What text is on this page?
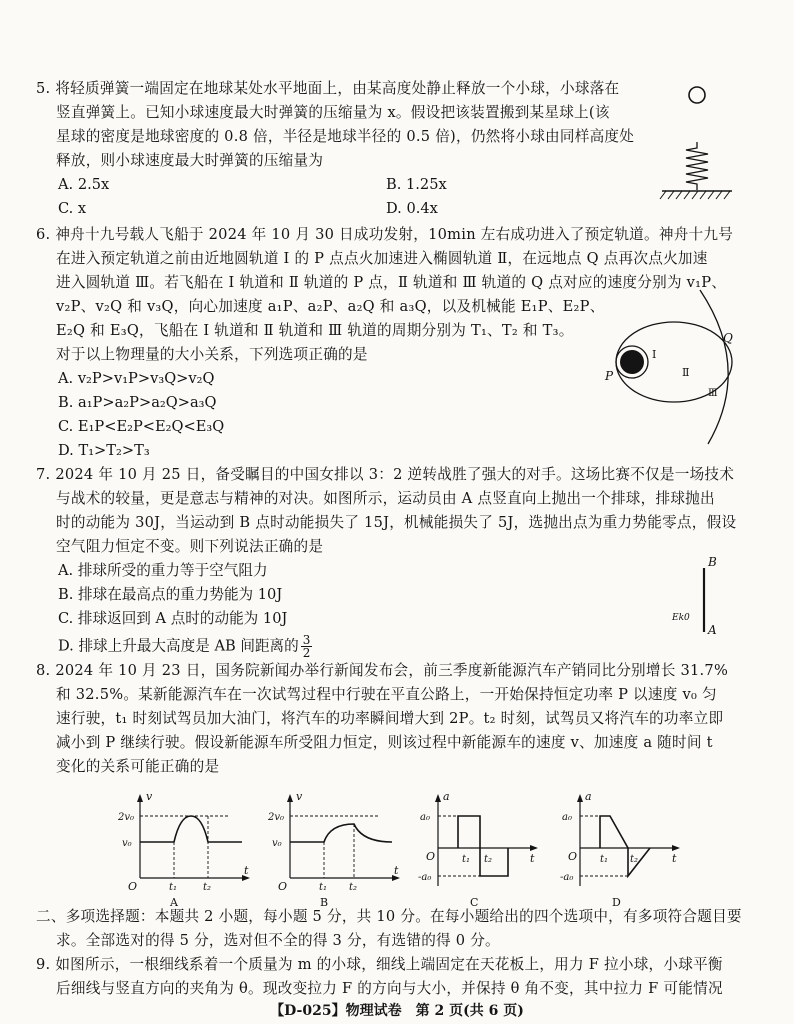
5. 将轻质弹簧一端固定在地球某处水平地面上，由某高度处静止释放一个小球，小球落在
竖直弹簧上。已知小球速度最大时弹簧的压缩量为 x。假设把该装置搬到某星球上(该
星球的密度是地球密度的 0.8 倍，半径是地球半径的 0.5 倍)，仍然将小球由同样高度处
释放，则小球速度最大时弹簧的压缩量为
A. 2.5x	B. 1.25x
C. x	D. 0.4x
6. 神舟十九号载人飞船于 2024 年 10 月 30 日成功发射，10min 左右成功进入了预定轨道。神舟十九号
在进入预定轨道之前由近地圆轨道 Ⅰ 的 P 点点火加速进入椭圆轨道 Ⅱ，在远地点 Q 点再次点火加速
进入圆轨道 Ⅲ。若飞船在 Ⅰ 轨道和 Ⅱ 轨道的 P 点，Ⅱ 轨道和 Ⅲ 轨道的 Q 点对应的速度分别为 v₁P、
v₂P、v₂Q 和 v₃Q，向心加速度 a₁P、a₂P、a₂Q 和 a₃Q，以及机械能 E₁P、E₂P、
E₂Q 和 E₃Q，飞船在 Ⅰ 轨道和 Ⅱ 轨道和 Ⅲ 轨道的周期分别为 T₁、T₂ 和 T₃。
对于以上物理量的大小关系，下列选项正确的是
A. v₂P>v₁P>v₃Q>v₂Q
B. a₁P>a₂P>a₂Q>a₃Q
C. E₁P<E₂P<E₂Q<E₃Q
D. T₁>T₂>T₃
P
Q
Ⅰ
Ⅱ
Ⅲ
7. 2024 年 10 月 25 日，备受瞩目的中国女排以 3：2 逆转战胜了强大的对手。这场比赛不仅是一场技术
与战术的较量，更是意志与精神的对决。如图所示，运动员由 A 点竖直向上抛出一个排球，排球抛出
时的动能为 30J，当运动到 B 点时动能损失了 15J，机械能损失了 5J，选抛出点为重力势能零点，假设
空气阻力恒定不变。则下列说法正确的是
A. 排球所受的重力等于空气阻力
B. 排球在最高点的重力势能为 10J
C. 排球返回到 A 点时的动能为 10J
D. 排球上升最大高度是 AB 间距离的 $\frac{3}{2}$
B
A
Ek0
8. 2024 年 10 月 23 日，国务院新闻办举行新闻发布会，前三季度新能源汽车产销同比分别增长 31.7%
和 32.5%。某新能源汽车在一次试驾过程中行驶在平直公路上，一开始保持恒定功率 P 以速度 v₀ 匀
速行驶，t₁ 时刻试驾员加大油门，将汽车的功率瞬间增大到 2P。t₂ 时刻，试驾员又将汽车的功率立即
减小到 P 继续行驶。假设新能源车所受阻力恒定，则该过程中新能源车的速度 v、加速度 a 随时间 t
变化的关系可能正确的是
v
t
O
2v₀
v₀
t₁	t₂
A
v
t
O
2v₀
v₀
t₁ t₂
B
a
t
O
a₀
-a₀
t₁ t₂
C
a
t
O
a₀
-a₀
t₁ t₂
D
二、多项选择题：本题共 2 小题，每小题 5 分，共 10 分。在每小题给出的四个选项中，有多项符合题目要
求。全部选对的得 5 分，选对但不全的得 3 分，有选错的得 0 分。
9. 如图所示，一根细线系着一个质量为 m 的小球，细线上端固定在天花板上，用力 F 拉小球，小球平衡
后细线与竖直方向的夹角为 θ。现改变拉力 F 的方向与大小，并保持 θ 角不变，其中拉力 F 可能情况
【D-025】物理试卷　第 2 页(共 6 页)
